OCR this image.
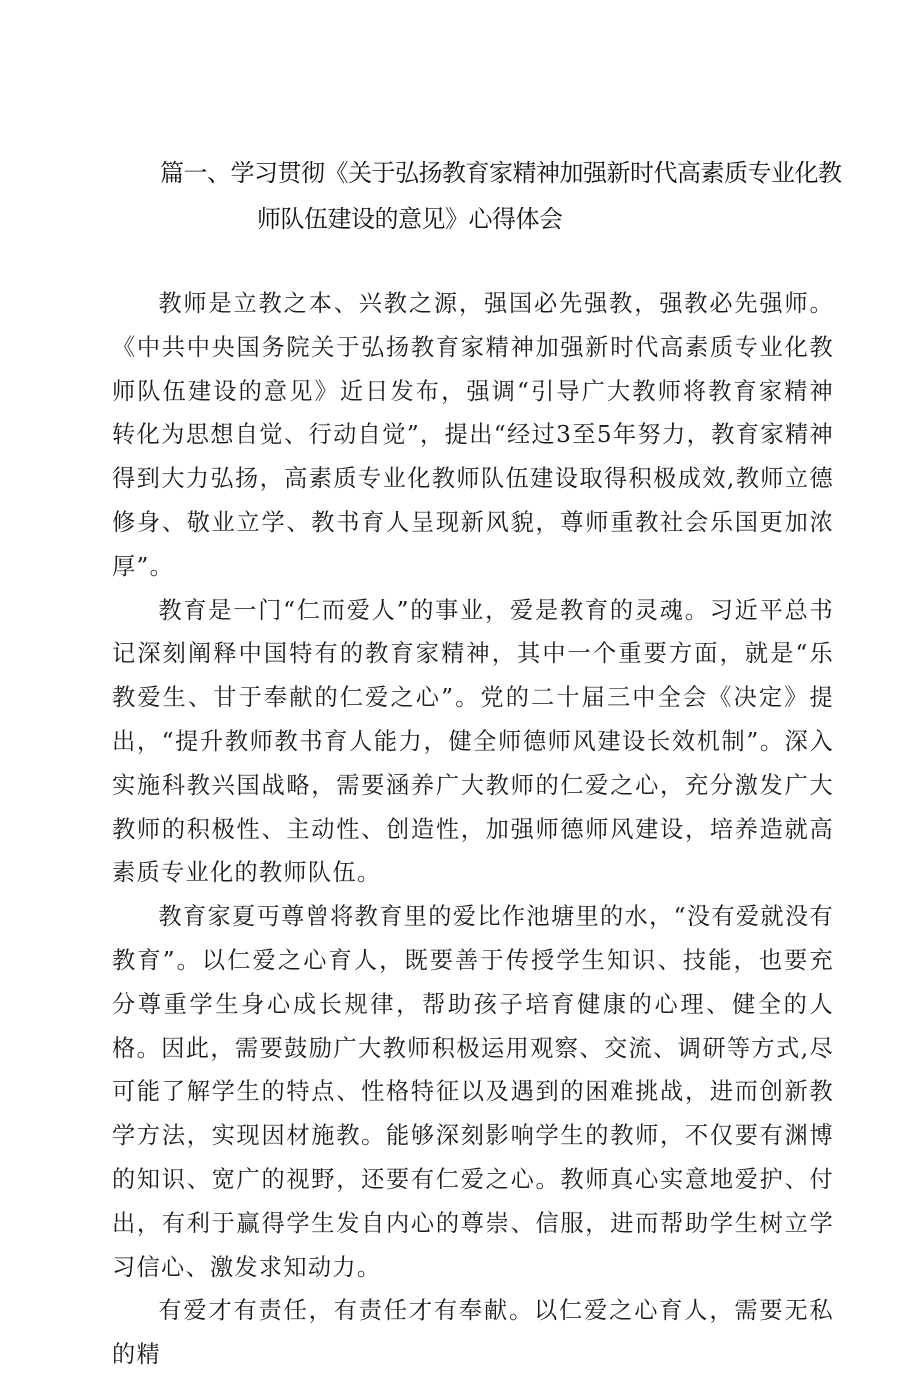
篇一、学习贯彻《关于弘扬教育家精神加强新时代高素质专业化教
师队伍建设的意见》心得体会

教师是立教之本、兴教之源，强国必先强教，强教必先强师。《中共中央国务院关于弘扬教育家精神加强新时代高素质专业化教师队伍建设的意见》近日发布，强调“引导广大教师将教育家精神转化为思想自觉、行动自觉”，提出“经过3至5年努力，教育家精神得到大力弘扬，高素质专业化教师队伍建设取得积极成效,教师立德修身、敬业立学、教书育人呈现新风貌，尊师重教社会乐国更加浓厚”。

教育是一门“仁而爱人”的事业，爱是教育的灵魂。习近平总书记深刻阐释中国特有的教育家精神，其中一个重要方面，就是“乐教爱生、甘于奉献的仁爱之心”。党的二十届三中全会《决定》提出，“提升教师教书育人能力，健全师德师风建设长效机制”。深入实施科教兴国战略，需要涵养广大教师的仁爱之心，充分激发广大教师的积极性、主动性、创造性，加强师德师风建设，培养造就高素质专业化的教师队伍。

教育家夏丏尊曾将教育里的爱比作池塘里的水，“没有爱就没有教育”。以仁爱之心育人，既要善于传授学生知识、技能，也要充分尊重学生身心成长规律，帮助孩子培育健康的心理、健全的人格。因此，需要鼓励广大教师积极运用观察、交流、调研等方式,尽可能了解学生的特点、性格特征以及遇到的困难挑战，进而创新教学方法，实现因材施教。能够深刻影响学生的教师，不仅要有渊博的知识、宽广的视野，还要有仁爱之心。教师真心实意地爱护、付出，有利于赢得学生发自内心的尊崇、信服，进而帮助学生树立学习信心、激发求知动力。

有爱才有责任，有责任才有奉献。以仁爱之心育人，需要无私的精
